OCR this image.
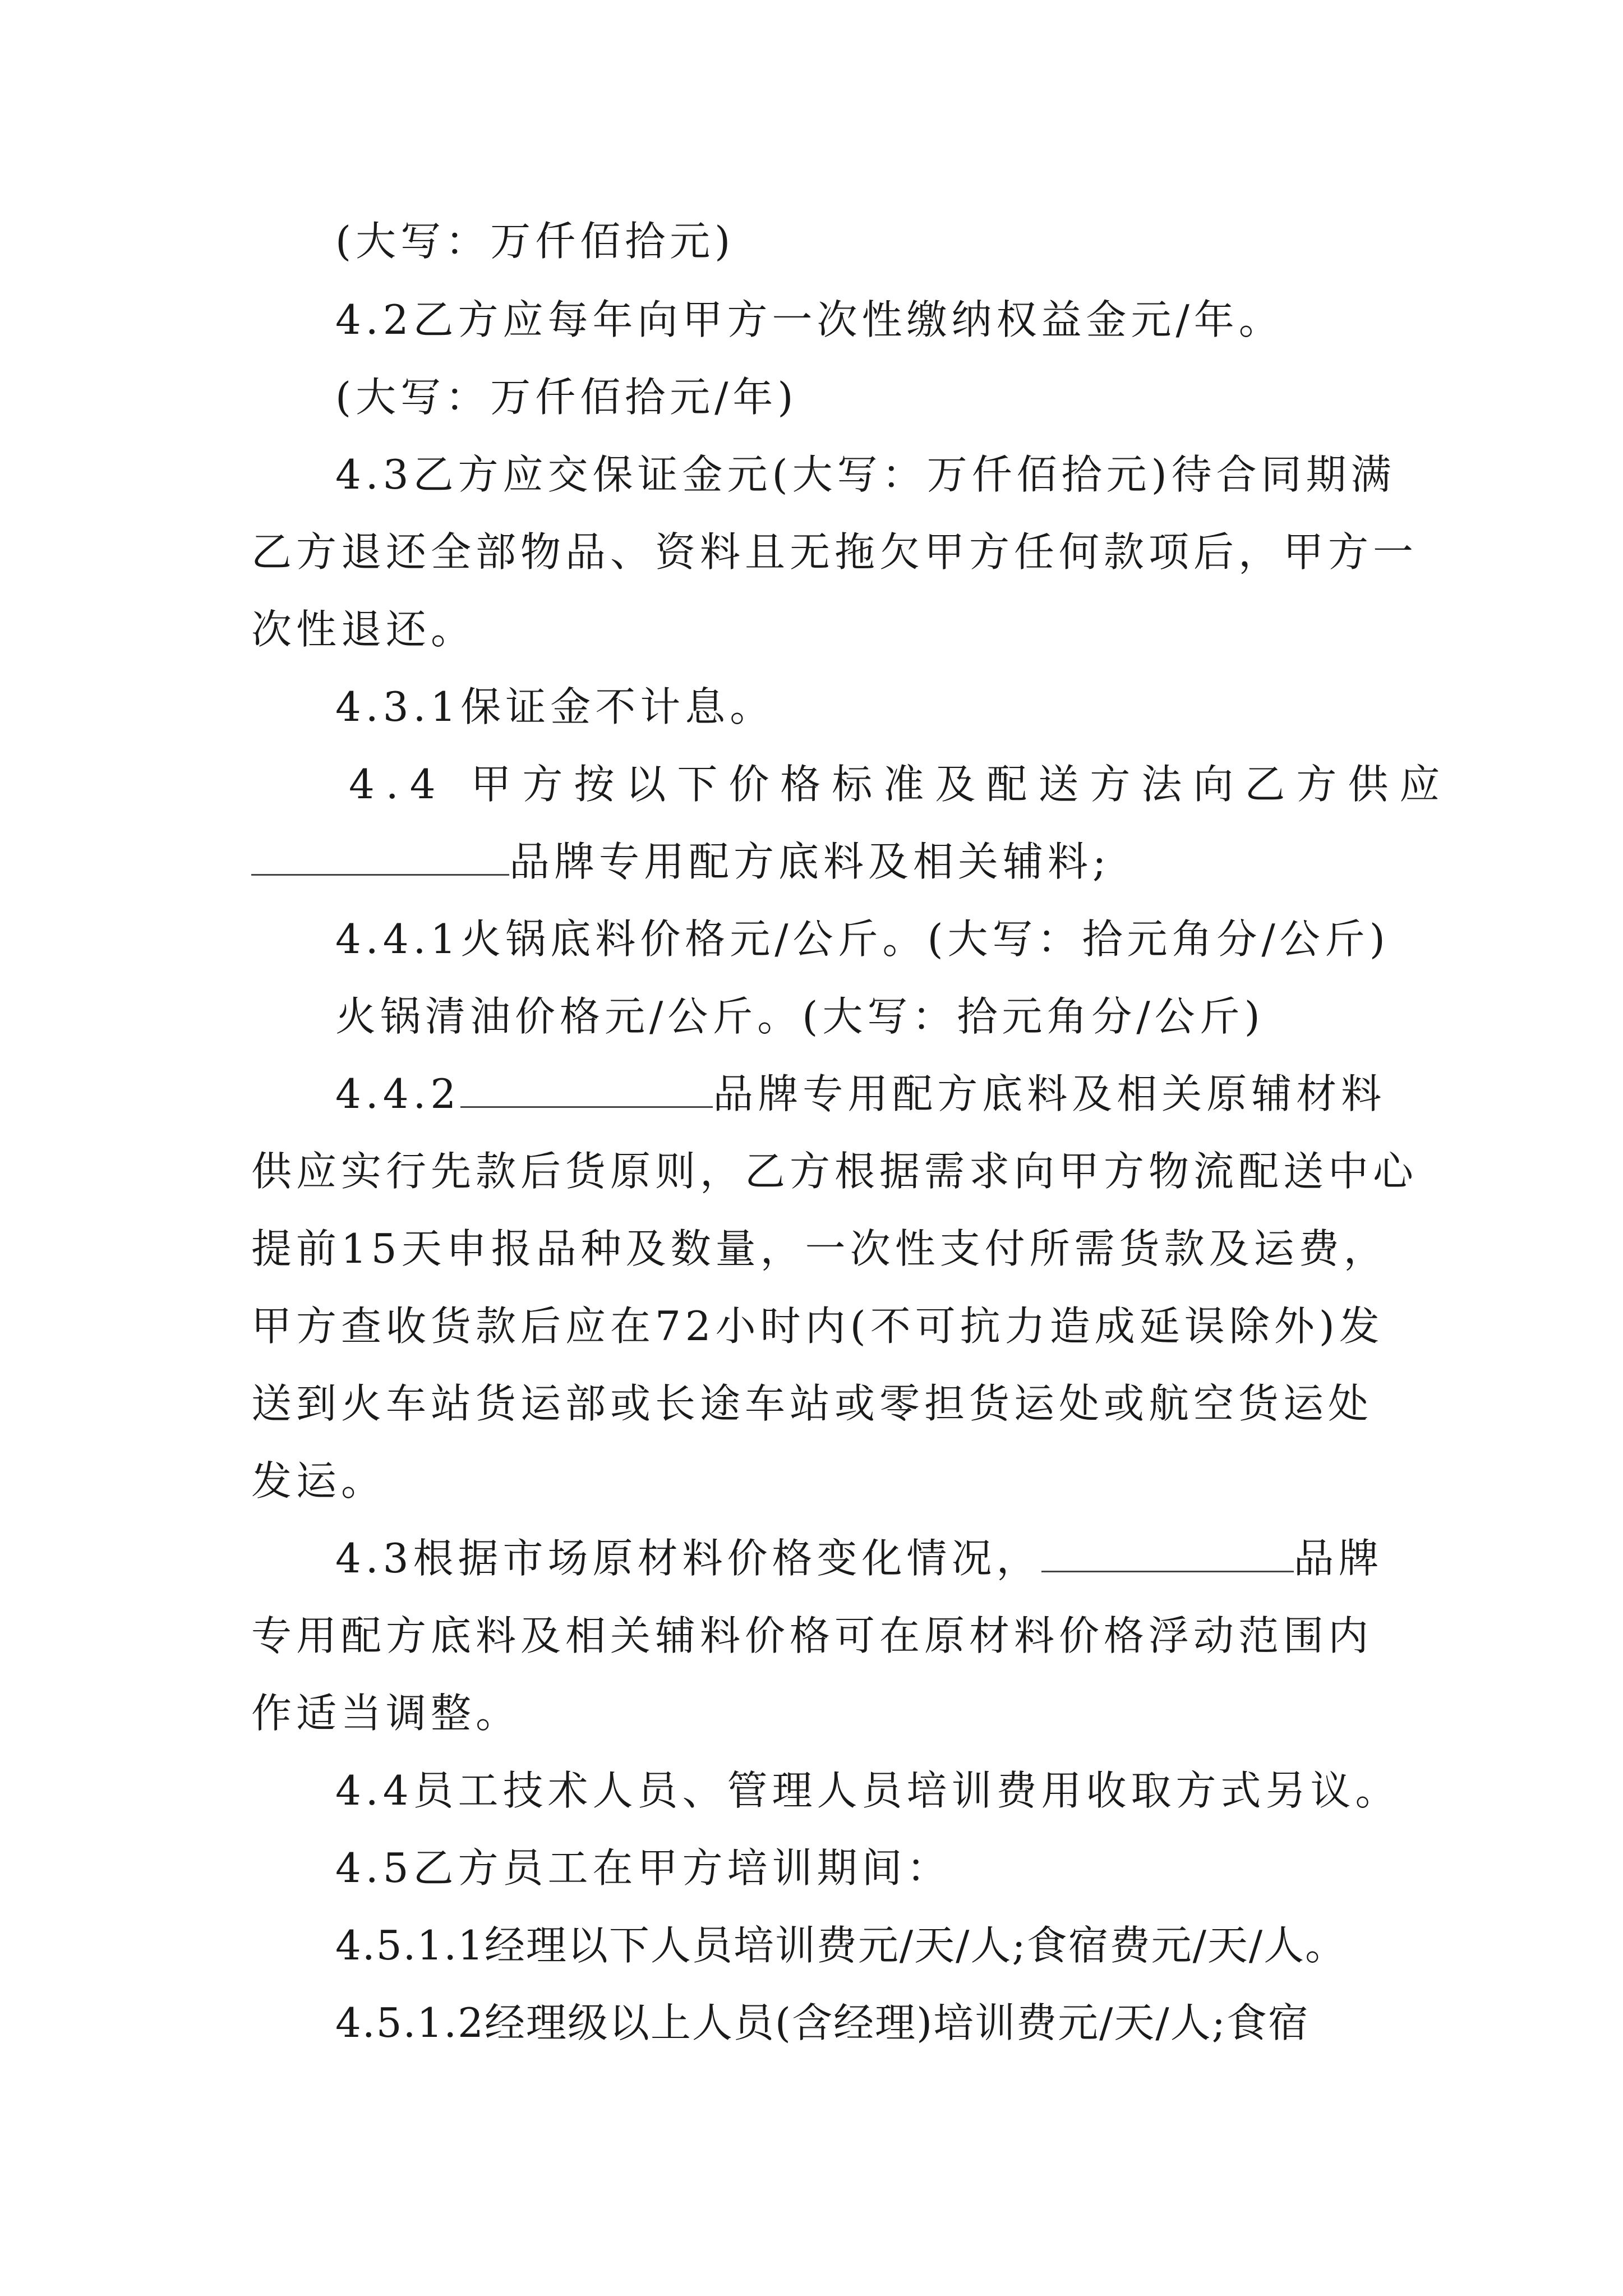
(大写：万仟佰拾元)
4.2乙方应每年向甲方一次性缴纳权益金元/年。
(大写：万仟佰拾元/年)
4.3乙方应交保证金元(大写：万仟佰拾元)待合同期满
乙方退还全部物品、资料且无拖欠甲方任何款项后，甲方一
次性退还。
4.3.1保证金不计息。
4.4 甲方按以下价格标准及配送方法向乙方供应
品牌专用配方底料及相关辅料;
4.4.1火锅底料价格元/公斤。(大写：拾元角分/公斤)
火锅清油价格元/公斤。(大写：拾元角分/公斤)
4.4.2	品牌专用配方底料及相关原辅材料
供应实行先款后货原则，乙方根据需求向甲方物流配送中心
提前15天申报品种及数量，一次性支付所需货款及运费，
甲方查收货款后应在72小时内(不可抗力造成延误除外)发
送到火车站货运部或长途车站或零担货运处或航空货运处
发运。
4.3根据市场原材料价格变化情况，	品牌
专用配方底料及相关辅料价格可在原材料价格浮动范围内
作适当调整。
4.4员工技术人员、管理人员培训费用收取方式另议。
4.5乙方员工在甲方培训期间：
4.5.1.1经理以下人员培训费元/天/人;食宿费元/天/人。
4.5.1.2经理级以上人员(含经理)培训费元/天/人;食宿
